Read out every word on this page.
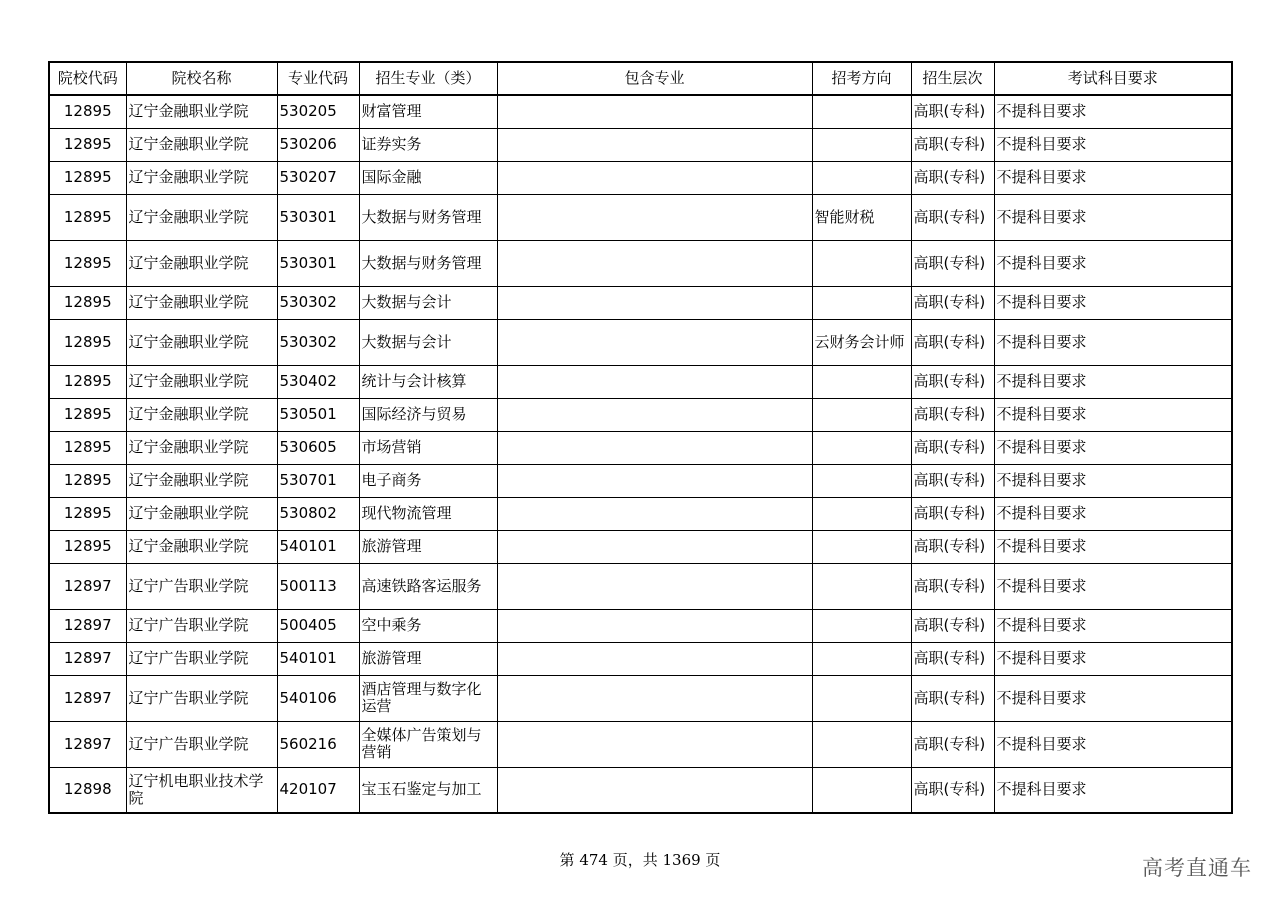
院校代码	院校名称	专业代码	招生专业（类）	包含专业	招考方向	招生层次	考试科目要求
12895	辽宁金融职业学院	530205	财富管理			高职(专科)	不提科目要求
12895	辽宁金融职业学院	530206	证券实务			高职(专科)	不提科目要求
12895	辽宁金融职业学院	530207	国际金融			高职(专科)	不提科目要求
12895	辽宁金融职业学院	530301	大数据与财务管理		智能财税	高职(专科)	不提科目要求
12895	辽宁金融职业学院	530301	大数据与财务管理			高职(专科)	不提科目要求
12895	辽宁金融职业学院	530302	大数据与会计			高职(专科)	不提科目要求
12895	辽宁金融职业学院	530302	大数据与会计		云财务会计师	高职(专科)	不提科目要求
12895	辽宁金融职业学院	530402	统计与会计核算			高职(专科)	不提科目要求
12895	辽宁金融职业学院	530501	国际经济与贸易			高职(专科)	不提科目要求
12895	辽宁金融职业学院	530605	市场营销			高职(专科)	不提科目要求
12895	辽宁金融职业学院	530701	电子商务			高职(专科)	不提科目要求
12895	辽宁金融职业学院	530802	现代物流管理			高职(专科)	不提科目要求
12895	辽宁金融职业学院	540101	旅游管理			高职(专科)	不提科目要求
12897	辽宁广告职业学院	500113	高速铁路客运服务			高职(专科)	不提科目要求
12897	辽宁广告职业学院	500405	空中乘务			高职(专科)	不提科目要求
12897	辽宁广告职业学院	540101	旅游管理			高职(专科)	不提科目要求
12897	辽宁广告职业学院	540106	酒店管理与数字化运营			高职(专科)	不提科目要求
12897	辽宁广告职业学院	560216	全媒体广告策划与营销			高职(专科)	不提科目要求
12898	辽宁机电职业技术学院	420107	宝玉石鉴定与加工			高职(专科)	不提科目要求
第 474 页，共 1369 页	高考直通车
